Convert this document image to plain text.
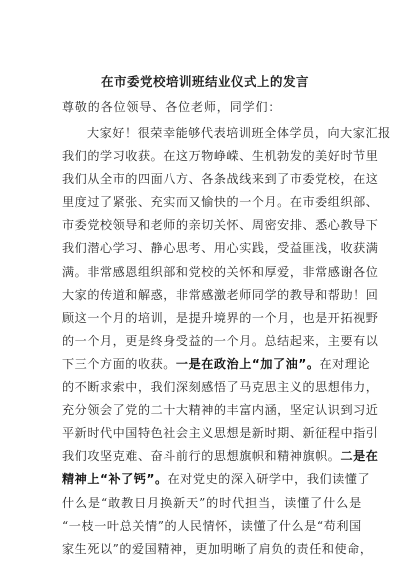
在市委党校培训班结业仪式上的发言
尊敬的各位领导、各位老师，同学们：
大 家 好 ！ 很 荣 幸 能 够 代 表 培 训 班 全 体 学 员 ， 向 大 家 汇 报
我 们 的 学 习 收 获 。 在 这 万 物 峥 嵘 、 生 机 勃 发 的 美 好 时 节 里
我 们 从 全 市 的 四 面 八 方 、 各 条 战 线 来 到 了 市 委 党 校 ， 在 这
里 度 过 了 紧 张 、 充 实 而 又 愉 快 的 一 个 月 。 在 市 委 组 织 部 、
市 委 党 校 领 导 和 老 师 的 亲 切 关 怀 、 周 密 安 排 、 悉 心 教 导 下
我 们 潜 心 学 习 、 静 心 思 考 、 用 心 实 践 ， 受 益 匪 浅 ， 收 获 满
满 。 非 常 感 恩 组 织 部 和 党 校 的 关 怀 和 厚 爱 ， 非 常 感 谢 各 位
大 家 的 传 道 和 解 惑 ， 非 常 感 激 老 师 同 学 的 教 导 和 帮 助 ！ 回
顾 这 一 个 月 的 培 训 ， 是 提 升 境 界 的 一 个 月 ， 也 是 开 拓 视 野
的 一 个 月 ， 更 是 终 身 受 益 的 一 个 月 。 总 结 起 来 ， 主 要 有 以
下 三 个 方 面 的 收 获 。 一 是 在 政 治 上 “ 加 了 油 ” 。 在 对 理 论
的 不 断 求 索 中 ， 我 们 深 刻 感 悟 了 马 克 思 主 义 的 思 想 伟 力 ，
充 分 领 会 了 党 的 二 十 大 精 神 的 丰 富 内 涵 ， 坚 定 认 识 到 习 近
平 新 时 代 中 国 特 色 社 会 主 义 思 想 是 新 时 期 、 新 征 程 中 指 引
我 们 攻 坚 克 难 、 奋 斗 前 行 的 思 想 旗 帜 和 精 神 旗 帜 。 二 是 在
精 神 上 “ 补 了 钙 ” 。 在 对 党 史 的 深 入 研 学 中 ， 我 们 读 懂 了
什 么 是 “ 敢 教 日 月 换 新 天 ” 的 时 代 担 当 ， 读 懂 了 什 么 是
“ 一 枝 一 叶 总 关 情 ” 的 人 民 情 怀 ， 读 懂 了 什 么 是 “ 苟 利 国
家 生 死 以 ” 的 爱 国 精 神 ， 更 加 明 晰 了 肩 负 的 责 任 和 使 命 ，
